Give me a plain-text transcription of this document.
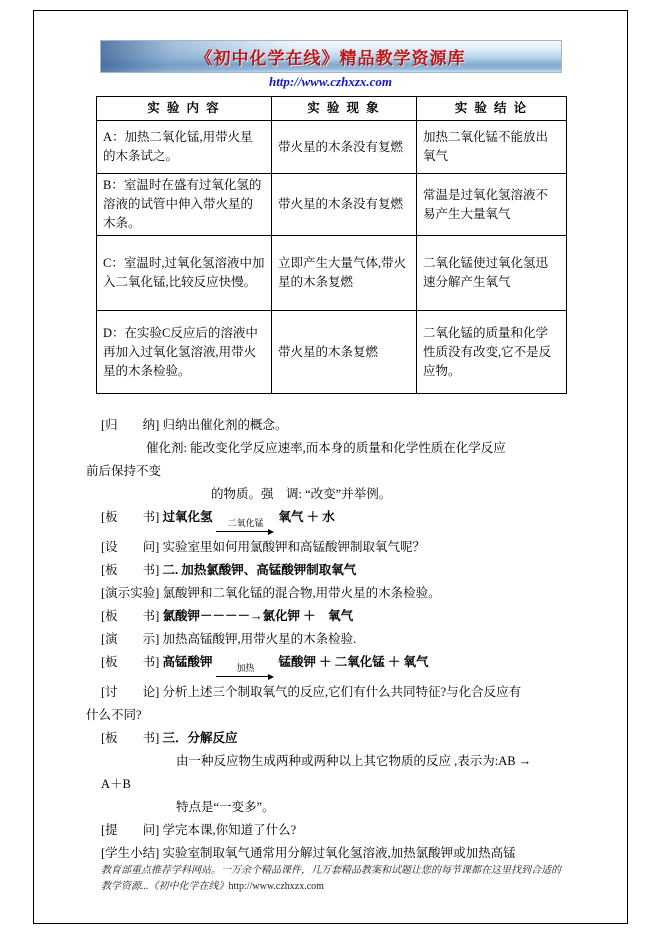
《初中化学在线》精品教学资源库
http://www.czhxzx.com
实 验 内 容	实 验 现 象	实 验 结 论
A：加热二氧化锰,用带火星的木条试之。	带火星的木条没有复燃	加热二氧化锰不能放出氧气
B：室温时在盛有过氧化氢的溶液的试管中伸入带火星的木条。	带火星的木条没有复燃	常温是过氧化氢溶液不易产生大量氧气
C：室温时,过氧化氢溶液中加入二氧化锰,比较反应快慢。	立即产生大量气体,带火星的木条复燃	二氧化锰使过氧化氢迅速分解产生氧气
D：在实验C反应后的溶液中再加入过氧化氢溶液,用带火星的木条检验。	带火星的木条复燃	二氧化锰的质量和化学性质没有改变,它不是反应物。
[归　　纳] 归纳出催化剂的概念。
催化剂: 能改变化学反应速率,而本身的质量和化学性质在化学反应
前后保持不变
的物质。强　调: “改变”并举例。
[板　　书] 过氧化氢 二氧化锰 氧气 ＋ 水
[设　　问] 实验室里如何用氯酸钾和高锰酸钾制取氧气呢？
[板　　书] 二. 加热氯酸钾、高锰酸钾制取氧气
[演示实验] 氯酸钾和二氧化锰的混合物,用带火星的木条检验。
[板　　书] 氯酸钾－－－－→氯化钾 ＋　氧气
[演　　示] 加热高锰酸钾,用带火星的木条检验.
[板　　书] 高锰酸钾	加热 锰酸钾 ＋ 二氧化锰 ＋ 氧气
[讨　　论] 分析上述三个制取氧气的反应,它们有什么共同特征?与化合反应有
什么不同?
[板　　书] 三．分解反应
由一种反应物生成两种或两种以上其它物质的反应 ,表示为:AB →
A＋B
特点是“一变多”。
[提　　问] 学完本课,你知道了什么?
[学生小结] 实验室制取氧气通常用分解过氧化氢溶液,加热氯酸钾或加热高锰
教育部重点推荐学科网站。一万余个精品课件，几万套精品教案和试题让您的每节课都在这里找到合适的
教学资源...《初中化学在线》http://www.czhxzx.com
